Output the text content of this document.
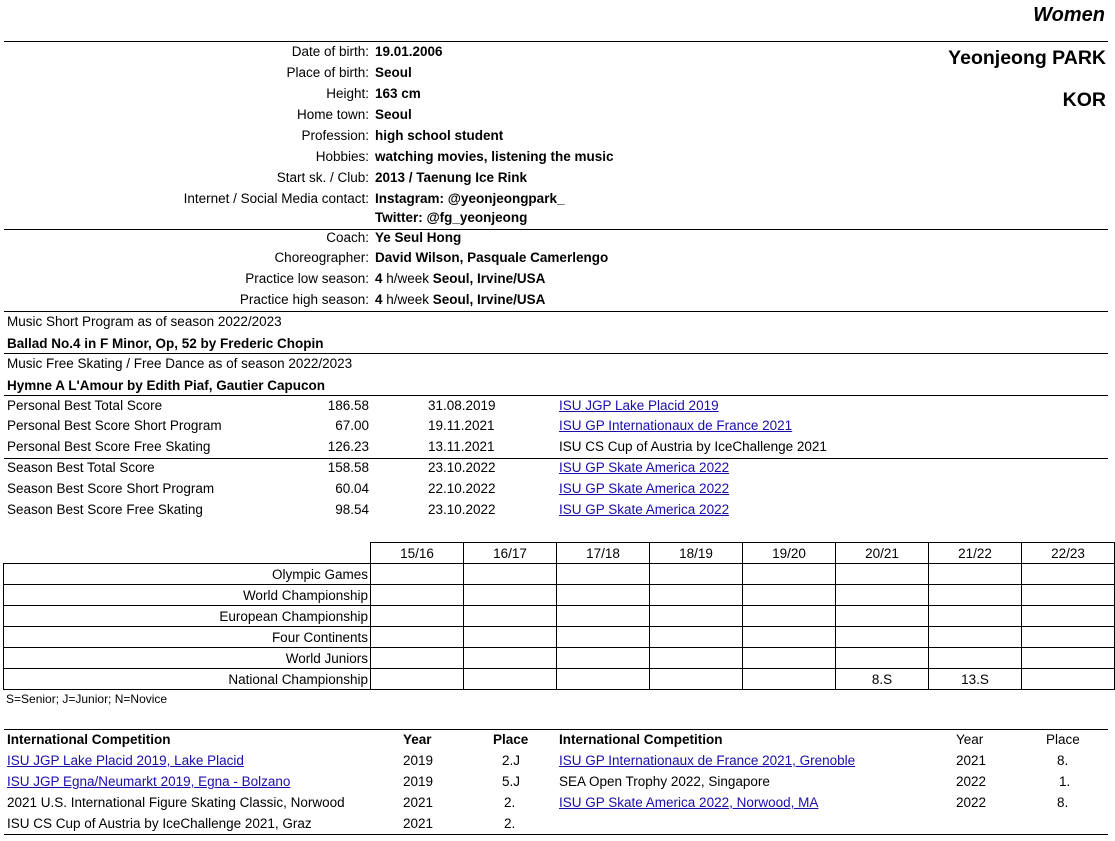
Women
Yeonjeong PARK
KOR
Date of birth: 19.01.2006
Place of birth: Seoul
Height: 163 cm
Home town: Seoul
Profession: high school student
Hobbies: watching movies, listening the music
Start sk. / Club: 2013 / Taenung Ice Rink
Internet / Social Media contact: Instagram: @yeonjeongpark_
Twitter: @fg_yeonjeong
Coach: Ye Seul Hong
Choreographer: David Wilson, Pasquale Camerlengo
Practice low season: 4 h/week Seoul, Irvine/USA
Practice high season: 4 h/week Seoul, Irvine/USA
Music Short Program as of season 2022/2023
Ballad No.4 in F Minor, Op, 52 by Frederic Chopin
Music Free Skating / Free Dance as of season 2022/2023
Hymne A L'Amour by Edith Piaf, Gautier Capucon
Personal Best Total Score	186.58	31.08.2019	ISU JGP Lake Placid 2019
Personal Best Score Short Program	67.00	19.11.2021	ISU GP Internationaux de France 2021
Personal Best Score Free Skating	126.23	13.11.2021	ISU CS Cup of Austria by IceChallenge 2021
Season Best Total Score	158.58	23.10.2022	ISU GP Skate America 2022
Season Best Score Short Program	60.04	22.10.2022	ISU GP Skate America 2022
Season Best Score Free Skating	98.54	23.10.2022	ISU GP Skate America 2022
	15/16	16/17	17/18	18/19	19/20	20/21	21/22	22/23
Olympic Games								
World Championship								
European Championship								
Four Continents								
World Juniors								
National Championship						8.S	13.S	
S=Senior; J=Junior; N=Novice
International Competition	Year	Place
ISU JGP Lake Placid 2019, Lake Placid	2019	2.J
ISU JGP Egna/Neumarkt 2019, Egna - Bolzano	2019	5.J
2021 U.S. International Figure Skating Classic, Norwood	2021	2.
ISU CS Cup of Austria by IceChallenge 2021, Graz	2021	2.
International Competition	Year	Place
ISU GP Internationaux de France 2021, Grenoble	2021	8.
SEA Open Trophy 2022, Singapore	2022	1.
ISU GP Skate America 2022, Norwood, MA	2022	8.
